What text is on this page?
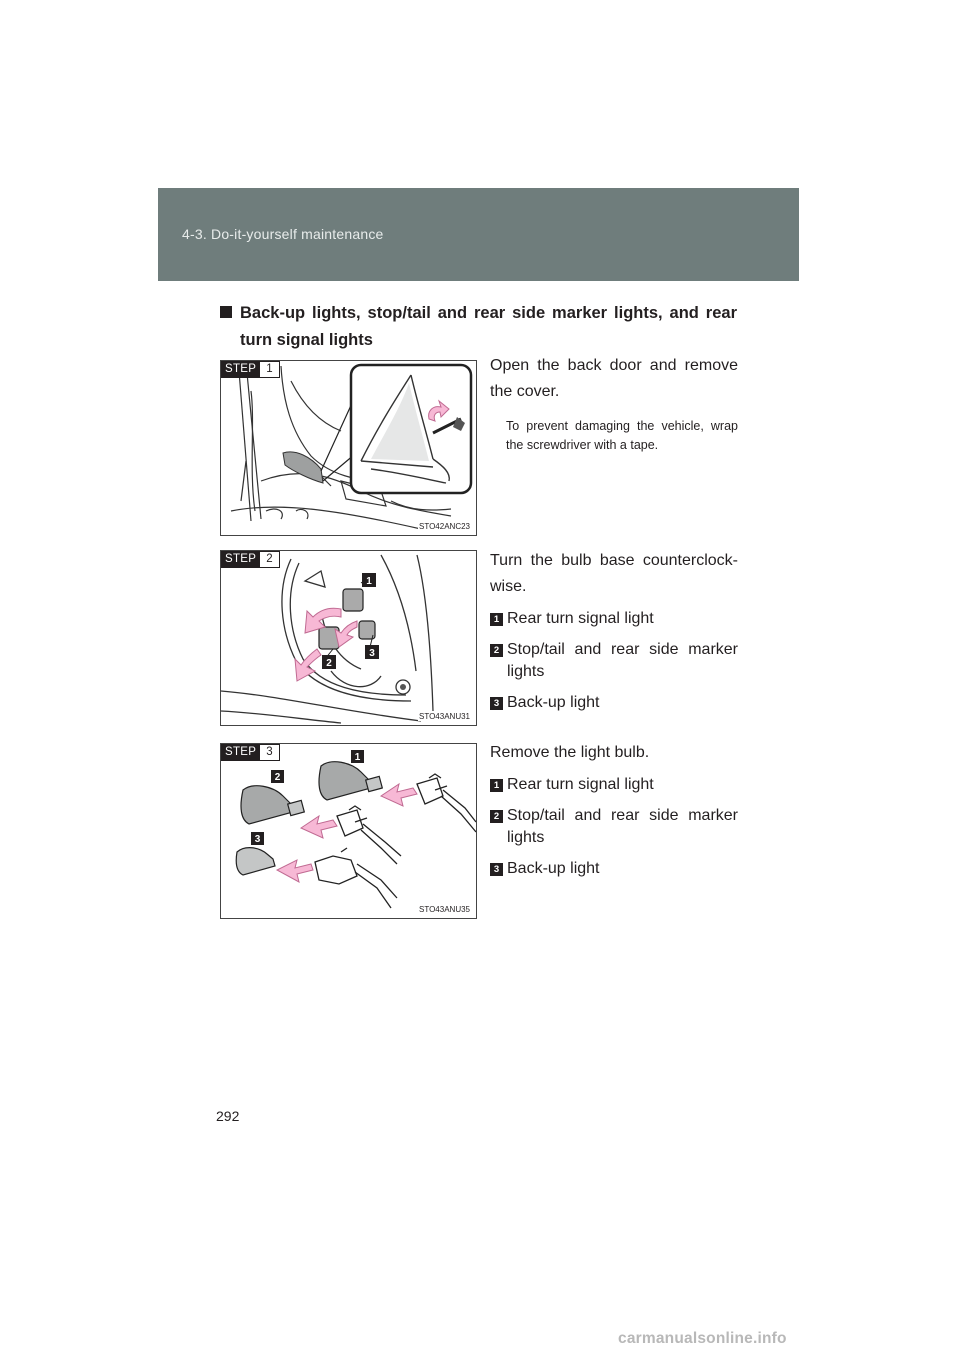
4-3. Do-it-yourself maintenance
Back-up lights, stop/tail and rear side marker lights, and rear
turn signal lights
STEP 1
STO42ANC23

Open the back door and remove the cover.

To prevent damaging the vehicle, wrap the screwdriver with a tape.

1
2
3
STEP 2
STO43ANU31

Turn the bulb base counterclock-wise.

1 Rear turn signal light
2 Stop/tail and rear side marker lights
3 Back-up light
1
2
3
STEP 3
STO43ANU35

Remove the light bulb.

1 Rear turn signal light
2 Stop/tail and rear side marker lights
3 Back-up light
292
carmanualsonline.info
